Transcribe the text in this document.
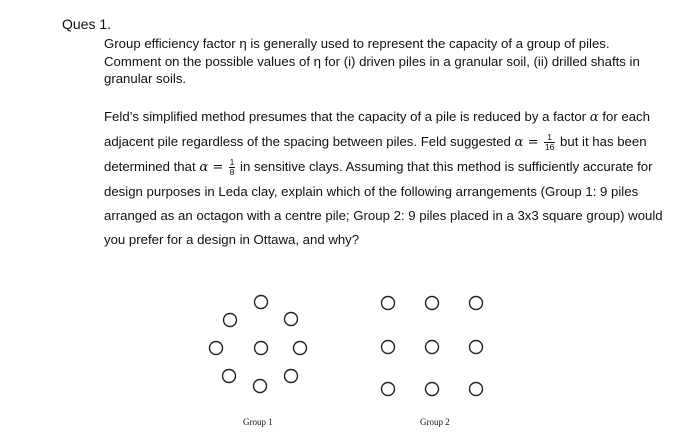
Ques 1.
Group efficiency factor η is generally used to represent the capacity of a group of piles.
Comment on the possible values of η for (i) driven piles in a granular soil, (ii) drilled shafts in
granular soils.
Feld’s simplified method presumes that the capacity of a pile is reduced by a factor α for each
adjacent pile regardless of the spacing between piles. Feld suggested $\alpha = \frac{1}{16}$ but it has been
determined that $\alpha = \frac{1}{8}$ in sensitive clays. Assuming that this method is sufficiently accurate for
design purposes in Leda clay, explain which of the following arrangements (Group 1: 9 piles
arranged as an octagon with a centre pile; Group 2: 9 piles placed in a 3x3 square group) would
you prefer for a design in Ottawa, and why?
Group 1	Group 2
